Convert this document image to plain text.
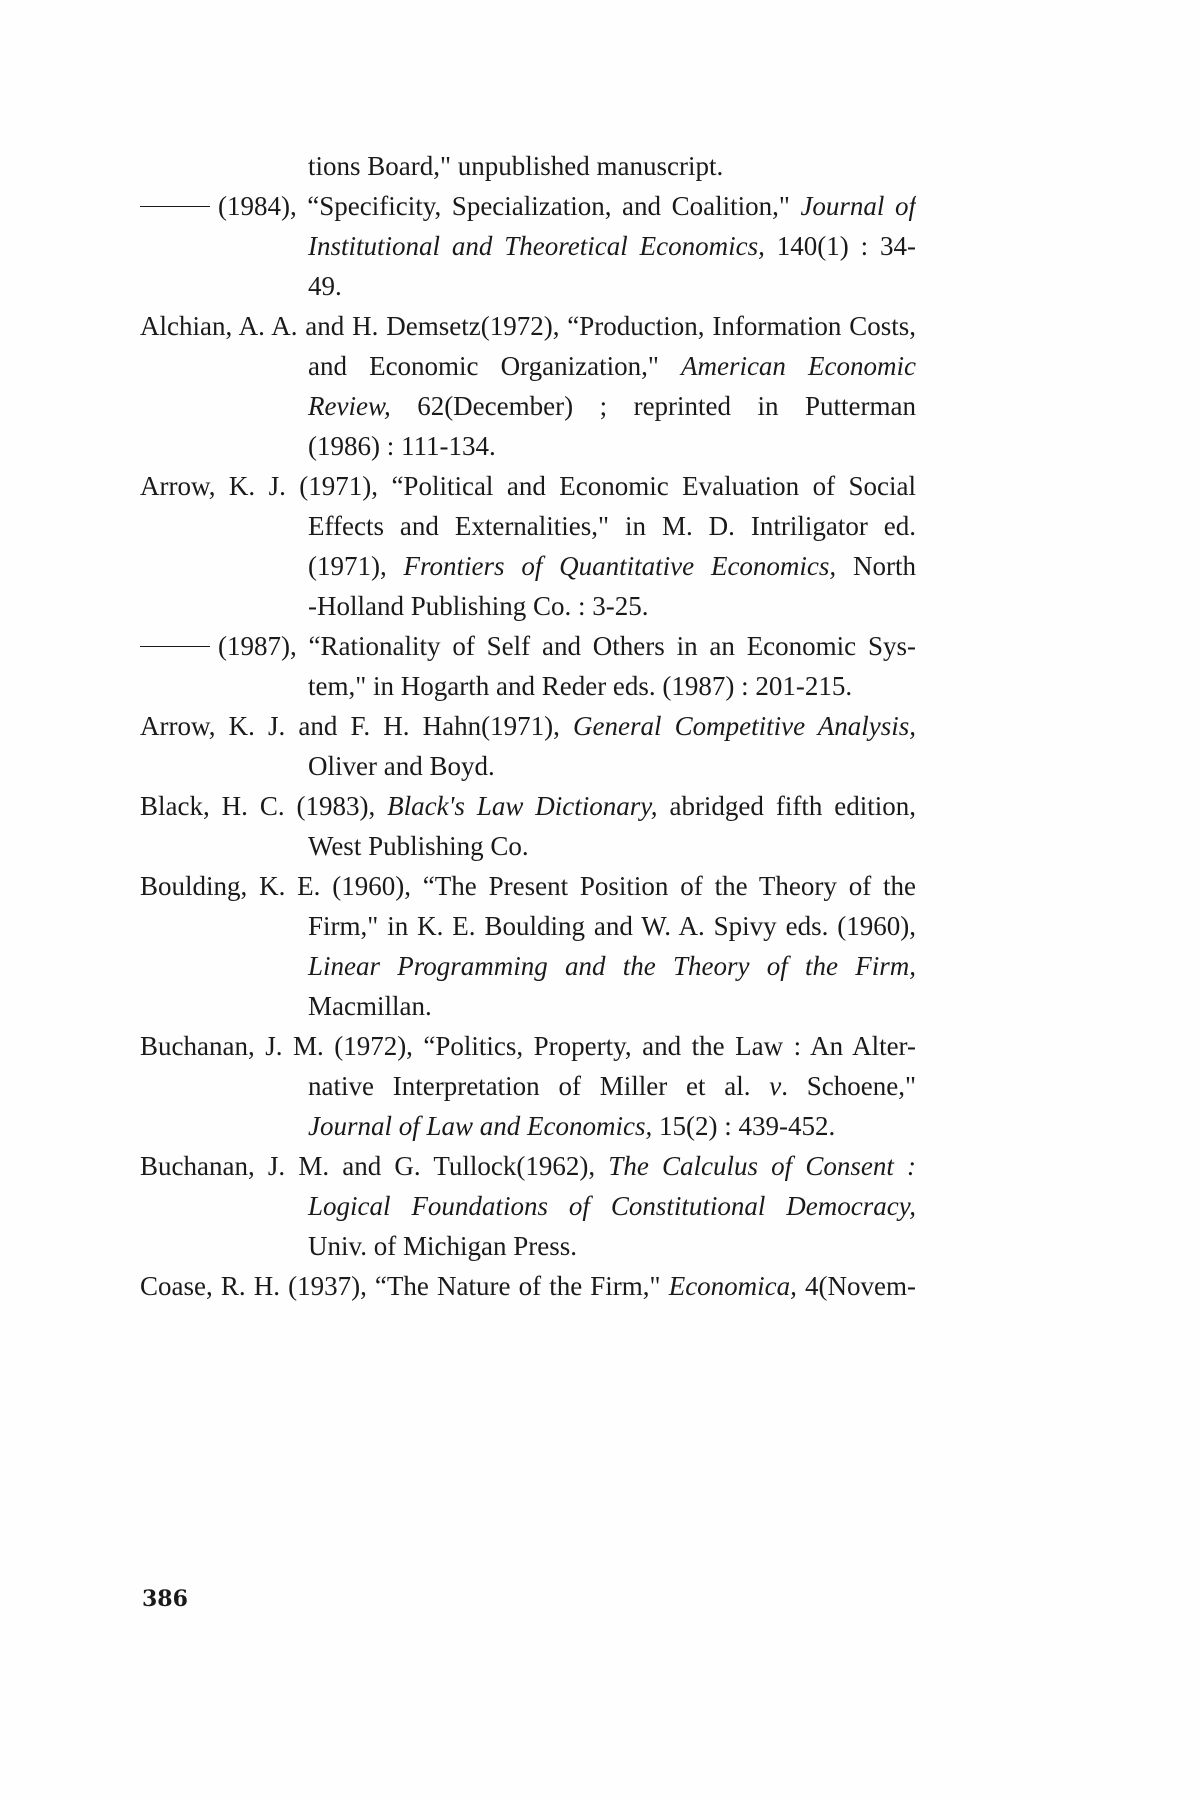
tions Board," unpublished manuscript.
(1984), “Specificity, Specialization, and Coalition," Journal of
Institutional and Theoretical Economics, 140(1) : 34-
49.
Alchian, A. A. and H. Demsetz(1972), “Production, Information Costs,
and Economic Organization," American Economic
Review, 62(December) ; reprinted in Putterman
(1986) : 111-134.
Arrow, K. J. (1971), “Political and Economic Evaluation of Social
Effects and Externalities," in M. D. Intriligator ed.
(1971), Frontiers of Quantitative Economics, North
-Holland Publishing Co. : 3-25.
(1987), “Rationality of Self and Others in an Economic Sys-
tem," in Hogarth and Reder eds. (1987) : 201-215.
Arrow, K. J. and F. H. Hahn(1971), General Competitive Analysis,
Oliver and Boyd.
Black, H. C. (1983), Black's Law Dictionary, abridged fifth edition,
West Publishing Co.
Boulding, K. E. (1960), “The Present Position of the Theory of the
Firm," in K. E. Boulding and W. A. Spivy eds. (1960),
Linear Programming and the Theory of the Firm,
Macmillan.
Buchanan, J. M. (1972), “Politics, Property, and the Law : An Alter-
native Interpretation of Miller et al. v. Schoene,"
Journal of Law and Economics, 15(2) : 439-452.
Buchanan, J. M. and G. Tullock(1962), The Calculus of Consent :
Logical Foundations of Constitutional Democracy,
Univ. of Michigan Press.
Coase, R. H. (1937), “The Nature of the Firm," Economica, 4(Novem-
386
